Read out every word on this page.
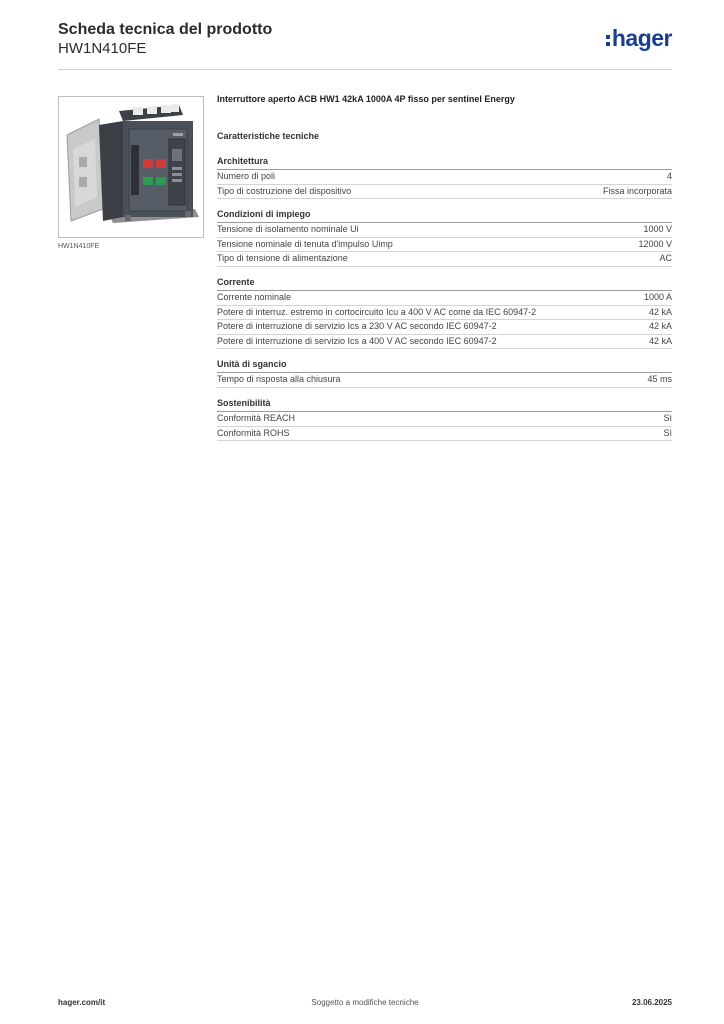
Scheda tecnica del prodotto
HW1N410FE	hager
HW1N410FE
Interruttore aperto ACB HW1 42kA 1000A 4P fisso per sentinel Energy
Caratteristiche tecniche
Architettura
Numero di poli	4
Tipo di costruzione del dispositivo	Fissa incorporata
Condizioni di impiego
Tensione di isolamento nominale Ui	1000 V
Tensione nominale di tenuta d'impulso Uimp	12000 V
Tipo di tensione di alimentazione	AC
Corrente
Corrente nominale	1000 A
Potere di interruz. estremo in cortocircuito Icu a 400 V AC come da IEC 60947-2	42 kA
Potere di interruzione di servizio Ics a 230 V AC secondo IEC 60947-2	42 kA
Potere di interruzione di servizio Ics a 400 V AC secondo IEC 60947-2	42 kA
Unità di sgancio
Tempo di risposta alla chiusura	45 ms
Sostenibilità
Conformità REACH	Sì
Conformità ROHS	Sì
hager.com/it	Soggetto a modifiche tecniche	23.06.2025
